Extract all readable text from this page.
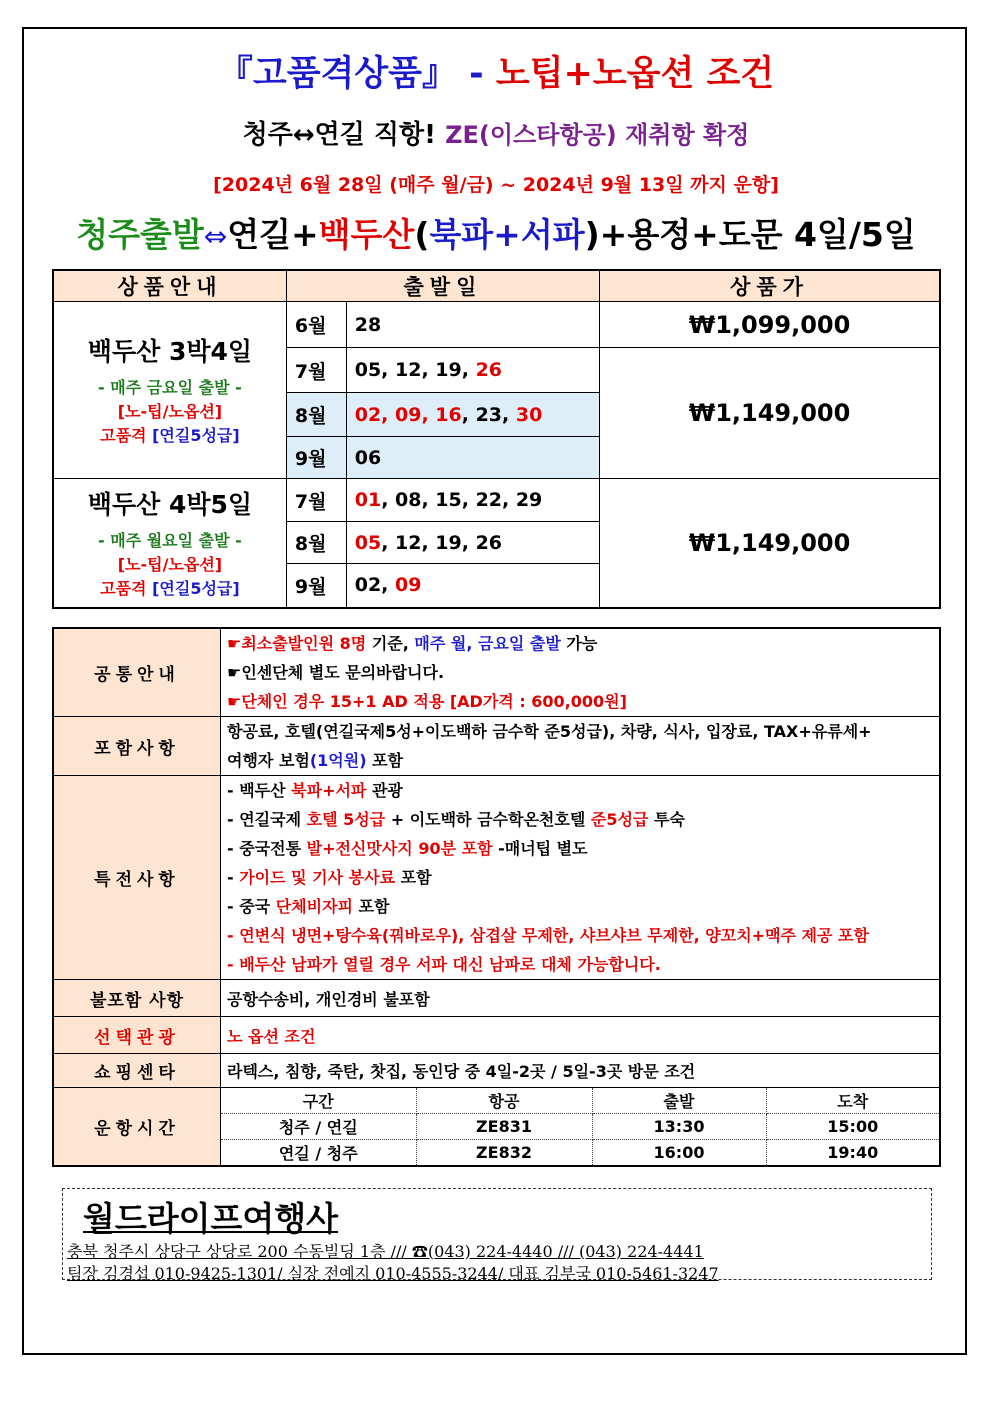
『고품격상품』 - 노팁+노옵션 조건
청주↔연길 직항! ZE(이스타항공) 재취항 확정
[2024년 6월 28일 (매주 월/금) ~ 2024년 9월 13일 까지 운항]
청주출발⇔연길+백두산(북파+서파)+용정+도문 4일/5일
상품안내	출발일		상품가

백두산 3박4일
- 매주 금요일 출발 -
[노-팁/노옵션]
고품격 [연길5성급]	6월	28	₩1,099,000
	7월	05, 12, 19, 26	₩1,149,000
	8월	02, 09, 16, 23, 30	
	9월	06	

백두산 4박5일
- 매주 월요일 출발 -
[노-팁/노옵션]
고품격 [연길5성급]	7월	01, 08, 15, 22, 29	₩1,149,000
	8월	05, 12, 19, 26	
	9월	02, 09	
공통안내	
☛최소출발인원 8명 기준, 매주 월, 금요일 출발 가능
☛인센단체 별도 문의바랍니다.
☛단체인 경우 15+1 AD 적용 [AD가격 : 600,000원]

포함사항	
항공료, 호텔(연길국제5성+이도백하 금수학 준5성급), 차량, 식사, 입장료, TAX+유류세+
여행자 보험(1억원) 포함

특전사항	
- 백두산 북파+서파 관광
- 연길국제 호텔 5성급 + 이도백하 금수학온천호텔 준5성급 투숙
- 중국전통 발+전신맛사지 90분 포함 -매너팁 별도
- 가이드 및 기사 봉사료 포함
- 중국 단체비자피 포함
- 연변식 냉면+탕수육(꿔바로우), 삼겹살 무제한, 샤브샤브 무제한, 양꼬치+맥주 제공 포함
- 배두산 남파가 열릴 경우 서파 대신 남파로 대체 가능합니다.

불포함 사항	공항수송비, 개인경비 불포함
선택관광	노 옵션 조건
쇼핑센타	라텍스, 침향, 죽탄, 찻집, 동인당 중 4일-2곳 / 5일-3곳 방문 조건
운항시간	
구간	항공	출발	도착
청주 / 연길	ZE831	13:30	15:00
연길 / 청주	ZE832	16:00	19:40
월드라이프여행사
충북 청주시 상당구 상당로 200 수동빌딩 1층 /// ☎(043) 224-4440 /// (043) 224-4441
팀장 김경섭 010-9425-1301/ 실장 전예지 010-4555-3244/ 대표 김부국 010-5461-3247
